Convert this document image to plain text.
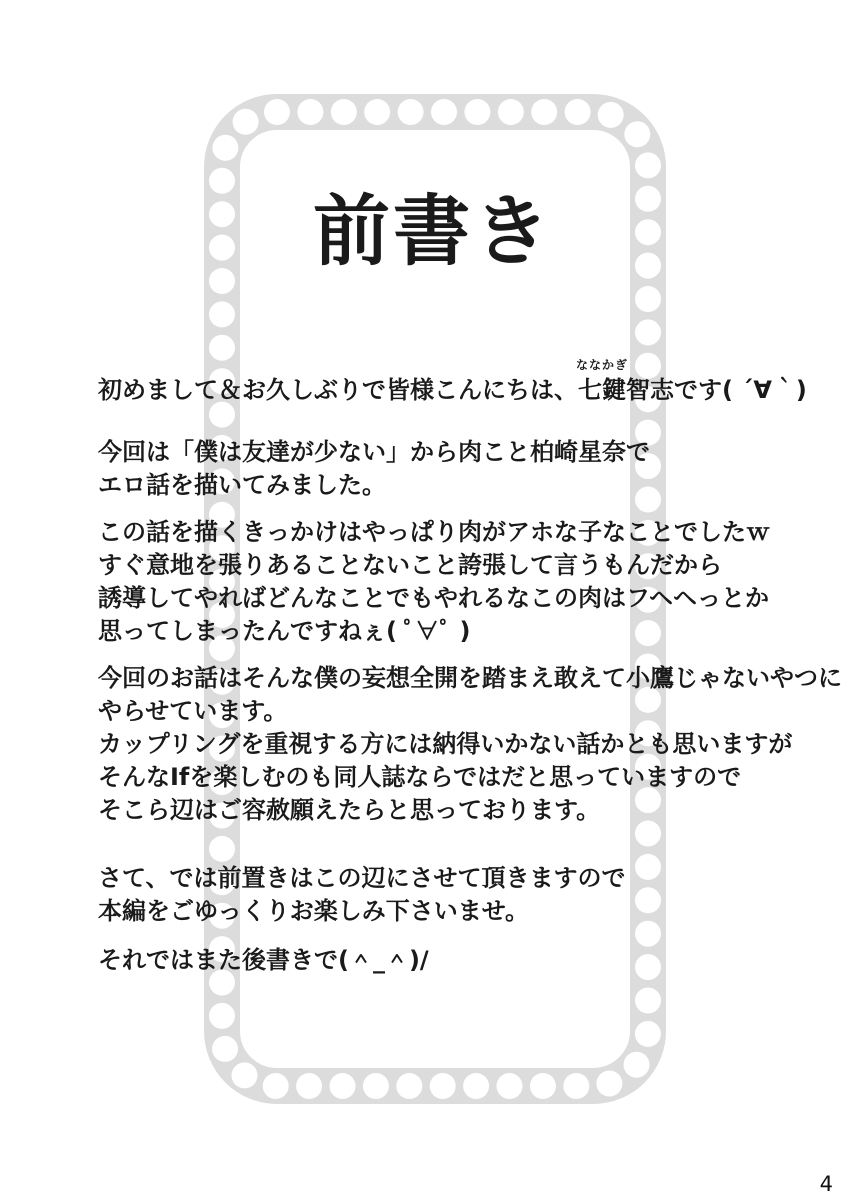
前書き
初めまして＆お久しぶりで皆様こんにちは、七鍵
ななかぎ
智志です( ´∀｀)
今回は「僕は友達が少ない」から肉こと柏崎星奈で
エロ話を描いてみました。
この話を描くきっかけはやっぱり肉がアホな子なことでしたｗ
すぐ意地を張りあることないこと誇張して言うもんだから
誘導してやればどんなことでもやれるなこの肉はフヘヘっとか
思ってしまったんですねぇ( ﾟ∀ﾟ )
今回のお話はそんな僕の妄想全開を踏まえ敢えて小鷹じゃないやつに
やらせています。
カップリングを重視する方には納得いかない話かとも思いますが
そんなIfを楽しむのも同人誌ならではだと思っていますので
そこら辺はご容赦願えたらと思っております。
さて、では前置きはこの辺にさせて頂きますので
本編をごゆっくりお楽しみ下さいませ。
それではまた後書きで(＾_＾)/
4
